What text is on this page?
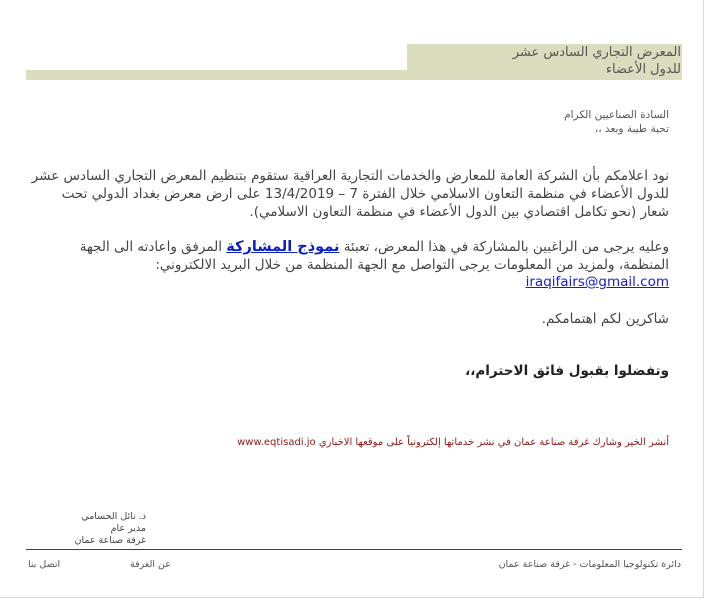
المعرض التجاري السادس عشر
للدول الأعضاء
السادة الصناعيين الكرام
تحية طيبة وبعد ،،
نود اعلامكم بأن الشركة العامة للمعارض والخدمات التجارية العراقية ستقوم بتنظيم المعرض التجاري السادس عشر للدول الأعضاء في منظمة التعاون الاسلامي خلال الفترة 7 – 13/4/2019 على ارض معرض بغداد الدولي تحت شعار (نحو تكامل اقتصادي بين الدول الأعضاء في منظمة التعاون الاسلامي).
وعليه يرجى من الراغبين بالمشاركة في هذا المعرض، تعبئة نموذج المشاركة المرفق واعادته الى الجهة المنظمة، ولمزيد من المعلومات يرجى التواصل مع الجهة المنظمة من خلال البريد الالكتروني:
iraqifairs@gmail.com
شاكرين لكم اهتمامكم.
وتفضلوا بقبول فائق الاحترام،،
أنشر الخير وشارك غرفة صناعة عمان في نشر خدماتها إلكترونياً على موقعها الاخباري www.eqtisadi.jo
د. نائل الحسامي
مدير عام
غرفة صناعة عمان
دائرة تكنولوجيا المعلومات - غرفة صناعة عمان
عن الغرفة
اتصل بنا
